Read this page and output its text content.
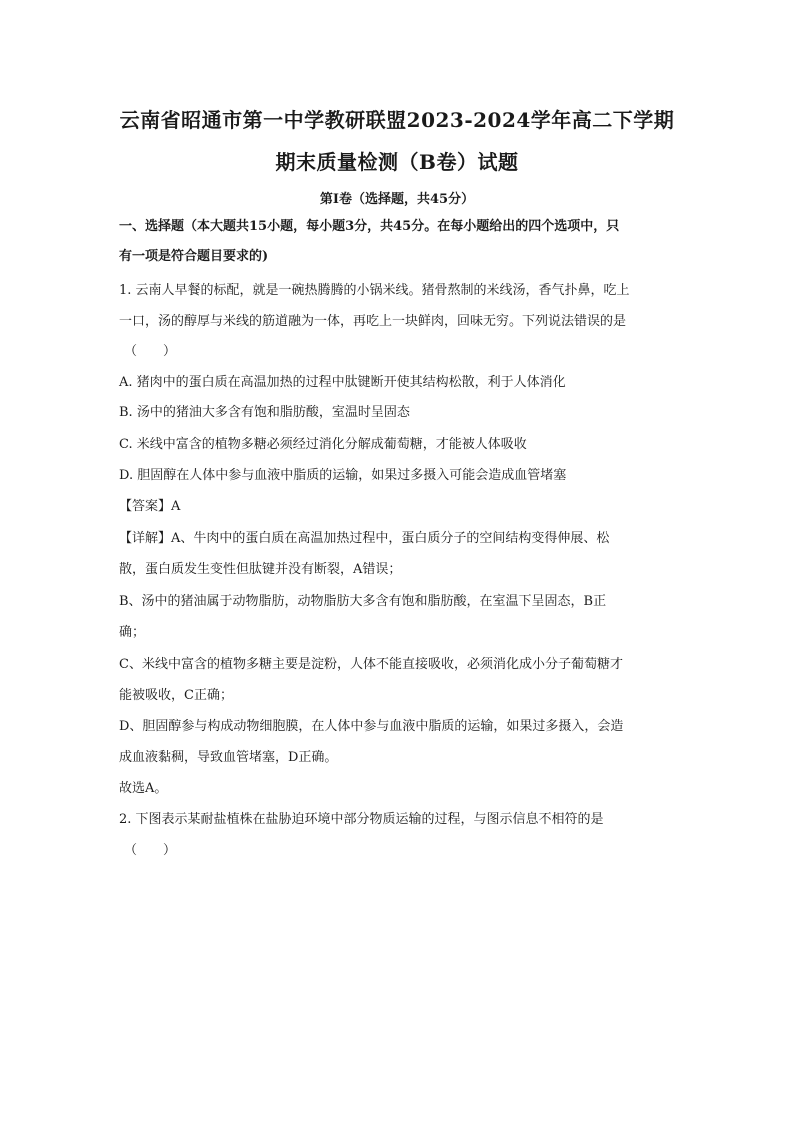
云南省昭通市第一中学教研联盟2023-2024学年高二下学期
期末质量检测（B卷）试题
第Ⅰ卷（选择题，共45分）
一、选择题（本大题共15小题，每小题3分，共45分。在每小题给出的四个选项中，只
有一项是符合题目要求的)
1. 云南人早餐的标配，就是一碗热腾腾的小锅米线。猪骨熬制的米线汤，香气扑鼻，吃上
一口，汤的醇厚与米线的筋道融为一体，再吃上一块鲜肉，回味无穷。下列说法错误的是
（　　）
A. 猪肉中的蛋白质在高温加热的过程中肽键断开使其结构松散，利于人体消化
B. 汤中的猪油大多含有饱和脂肪酸，室温时呈固态
C. 米线中富含的植物多糖必须经过消化分解成葡萄糖，才能被人体吸收
D. 胆固醇在人体中参与血液中脂质的运输，如果过多摄入可能会造成血管堵塞
【答案】A
【详解】A、牛肉中的蛋白质在高温加热过程中，蛋白质分子的空间结构变得伸展、松
散，蛋白质发生变性但肽键并没有断裂，A错误；
B、汤中的猪油属于动物脂肪，动物脂肪大多含有饱和脂肪酸，在室温下呈固态，B正
确；
C、米线中富含的植物多糖主要是淀粉，人体不能直接吸收，必须消化成小分子葡萄糖才
能被吸收，C正确；
D、胆固醇参与构成动物细胞膜，在人体中参与血液中脂质的运输，如果过多摄入，会造
成血液黏稠，导致血管堵塞，D正确。
故选A。
2. 下图表示某耐盐植株在盐胁迫环境中部分物质运输的过程，与图示信息不相符的是
（　　）
